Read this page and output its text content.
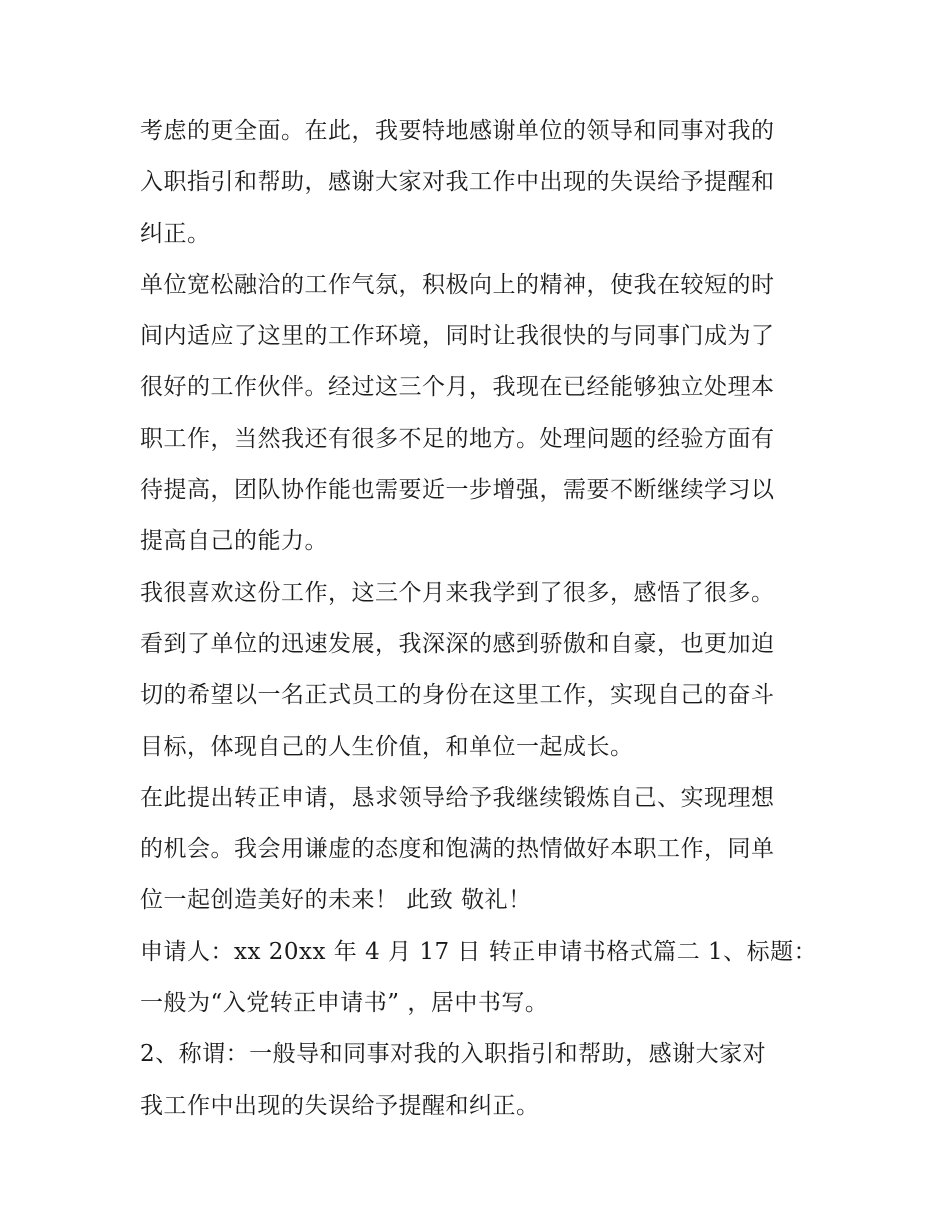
考虑的更全面。在此，我要特地感谢单位的领导和同事对我的
入职指引和帮助，感谢大家对我工作中出现的失误给予提醒和
纠正。

单位宽松融洽的工作气氛，积极向上的精神，使我在较短的时
间内适应了这里的工作环境，同时让我很快的与同事门成为了
很好的工作伙伴。经过这三个月，我现在已经能够独立处理本
职工作，当然我还有很多不足的地方。处理问题的经验方面有
待提高，团队协作能也需要近一步增强，需要不断继续学习以
提高自己的能力。

我很喜欢这份工作，这三个月来我学到了很多，感悟了很多。
看到了单位的迅速发展，我深深的感到骄傲和自豪，也更加迫
切的希望以一名正式员工的身份在这里工作，实现自己的奋斗
目标，体现自己的人生价值，和单位一起成长。

在此提出转正申请，恳求领导给予我继续锻炼自己、实现理想
的机会。我会用谦虚的态度和饱满的热情做好本职工作，同单
位一起创造美好的未来！ 此致 敬礼！

申请人：xx 20xx 年 4 月 17 日 转正申请书格式篇二 1、标题：
一般为“入党转正申请书” ，居中书写。

2、称谓：一般导和同事对我的入职指引和帮助，感谢大家对
我工作中出现的失误给予提醒和纠正。
